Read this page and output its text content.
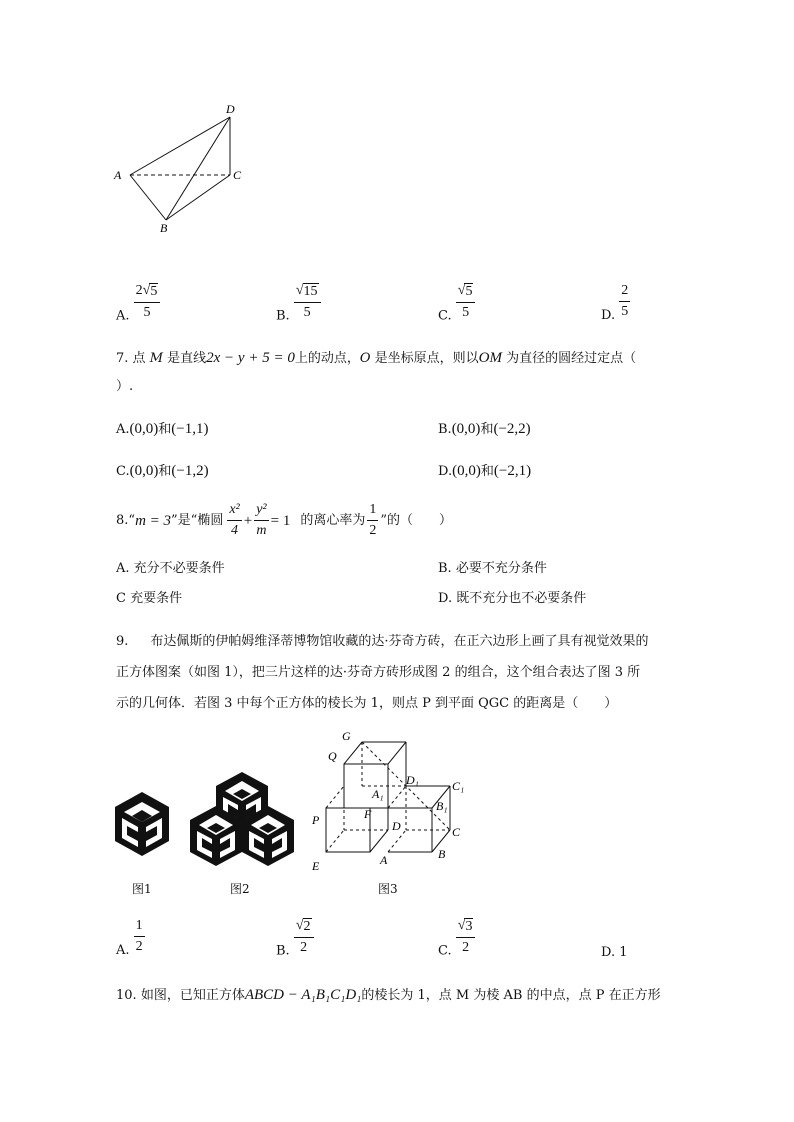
D
A	C
B
A. $\frac{2√ 5}{5}$	B. $\frac{√ 15}{5}$	C. $\frac{√ 5}{5}$	D. $\frac{2}{5}$
7. 点 M 是直线2x − y + 5 = 0上的动点，O 是坐标原点，则以OM 为直径的圆经过定点（
）.
A.(0,0)和(−1,1)	B.(0,0)和(−2,2)
C.(0,0)和(−1,2)	D.(0,0)和(−2,1)
8. “ m = 3 ”是“椭圆 $\frac{\text{x²}}{4} + \frac{\text{y²}}{m} = 1$ 的离心率为 $\frac{1}{2}$ ”的（　　）
A. 充分不必要条件	B. 必要不充分条件
C 充要条件	D. 既不充分也不必要条件
9. 布达佩斯的伊帕姆维泽蒂博物馆收藏的达·芬奇方砖，在正六边形上画了具有视觉效果的
正方体图案（如图 1），把三片这样的达·芬奇方砖形成图 2 的组合，这个组合表达了图 3 所
示的几何体．若图 3 中每个正方体的棱长为 1，则点 P 到平面 QGC 的距离是（　　）
G
Q
D₁	C₁
A₁
B₁
F
P	D	C
E	A	B
图1	图2	图3
A. $\frac{1}{2}$	B. $\frac{√ 2}{2}$	C. $\frac{√ 3}{2}$	D. 1
10. 如图，已知正方体ABCD − A₁B₁C₁D₁的棱长为 1，点 M 为棱 AB 的中点，点 P 在正方形
